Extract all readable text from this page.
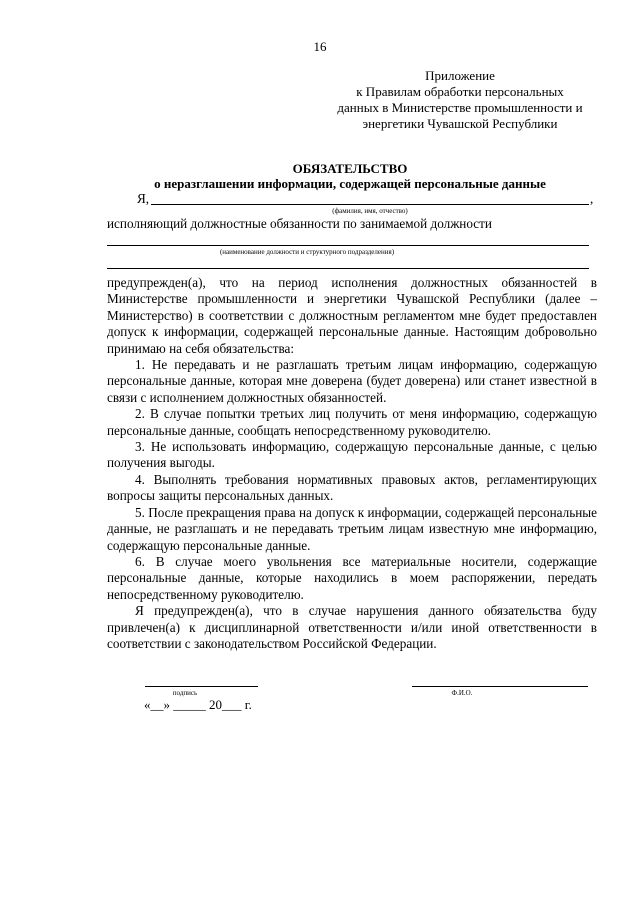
16
Приложение
к Правилам обработки персональных
данных в Министерстве промышленности и
энергетики Чувашской Республики
ОБЯЗАТЕЛЬСТВО
о неразглашении информации, содержащей персональные данные
Я,	,
(фамилия, имя, отчество)
исполняющий должностные обязанности по занимаемой должности
(наименование должности и структурного подразделения)

предупрежден(а), что на период исполнения должностных обязанностей в Министерстве промышленности и энергетики Чувашской Республики (далее – Министерство) в соответствии с должностным регламентом мне будет предоставлен допуск к информации, содержащей персональные данные. Настоящим добровольно принимаю на себя обязательства:

1. Не передавать и не разглашать третьим лицам информацию, содержащую персональные данные, которая мне доверена (будет доверена) или станет известной в связи с исполнением должностных обязанностей.

2. В случае попытки третьих лиц получить от меня информацию, содержащую персональные данные, сообщать непосредственному руководителю.

3. Не использовать информацию, содержащую персональные данные, с целью получения выгоды.

4. Выполнять требования нормативных правовых актов, регламентирующих вопросы защиты персональных данных.

5. После прекращения права на допуск к информации, содержащей персональные данные, не разглашать и не передавать третьим лицам известную мне информацию, содержащую персональные данные.

6. В случае моего увольнения все материальные носители, содержащие персональные данные, которые находились в моем распоряжении, передать непосредственному руководителю.

Я предупрежден(а), что в случае нарушения данного обязательства буду привлечен(а) к дисциплинарной ответственности и/или иной ответственности в соответствии с законодательством Российской Федерации.

подпись	Ф.И.О.
«__» _____ 20___ г.
